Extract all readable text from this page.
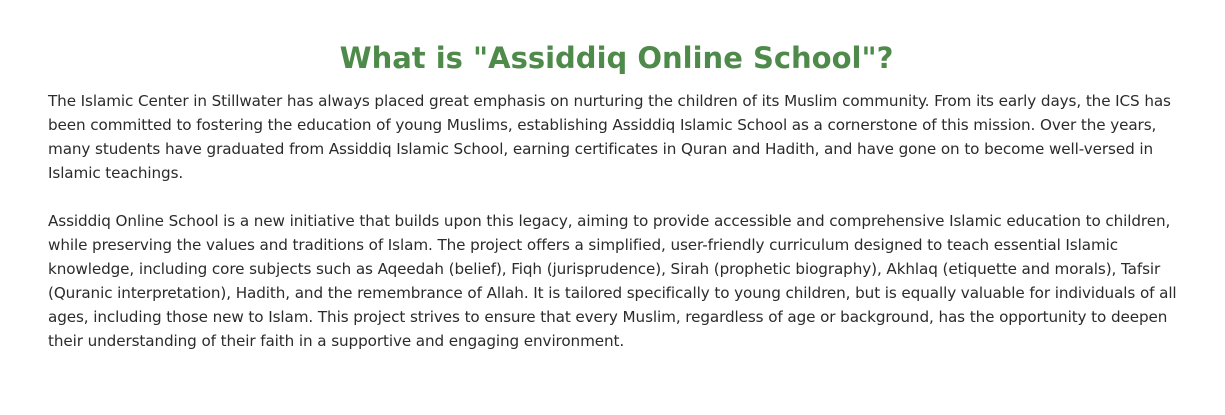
What is "Assiddiq Online School"?

The Islamic Center in Stillwater has always placed great emphasis on nurturing the children of its Muslim community. From its early days, the ICS has been committed to fostering the education of young Muslims, establishing Assiddiq Islamic School as a cornerstone of this mission. Over the years, many students have graduated from Assiddiq Islamic School, earning certificates in Quran and Hadith, and have gone on to become well-versed in Islamic teachings.

Assiddiq Online School is a new initiative that builds upon this legacy, aiming to provide accessible and comprehensive Islamic education to children, while preserving the values and traditions of Islam. The project offers a simplified, user-friendly curriculum designed to teach essential Islamic knowledge, including core subjects such as Aqeedah (belief), Fiqh (jurisprudence), Sirah (prophetic biography), Akhlaq (etiquette and morals), Tafsir (Quranic interpretation), Hadith, and the remembrance of Allah. It is tailored specifically to young children, but is equally valuable for individuals of all ages, including those new to Islam. This project strives to ensure that every Muslim, regardless of age or background, has the opportunity to deepen their understanding of their faith in a supportive and engaging environment.
